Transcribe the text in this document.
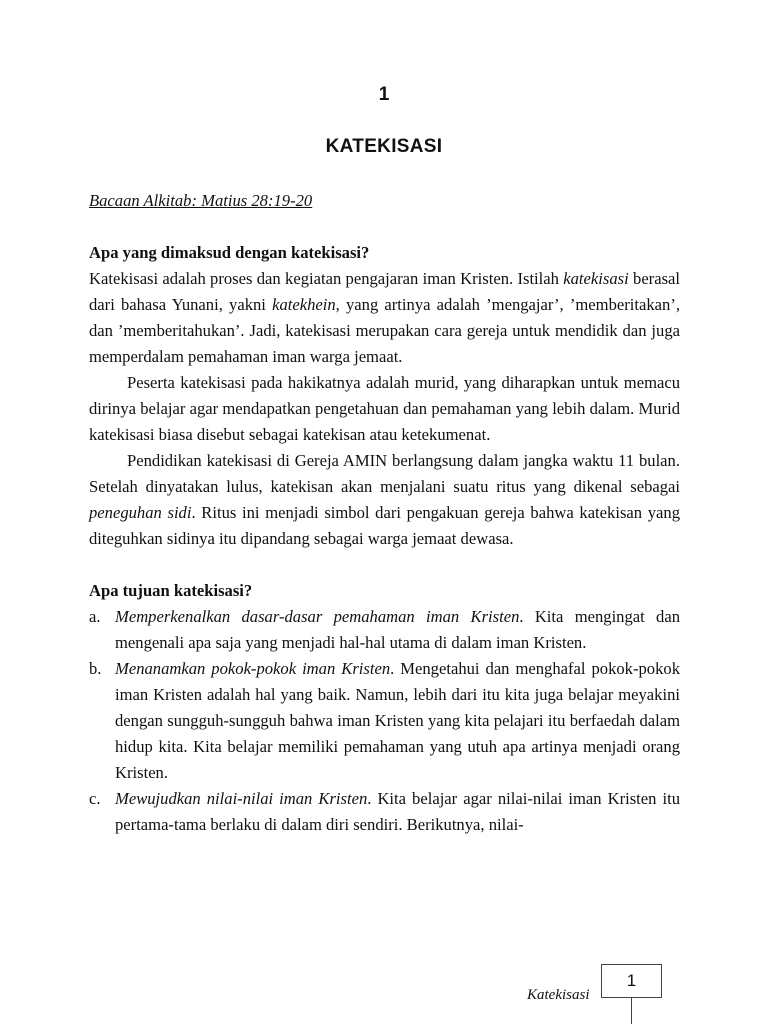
1
KATEKISASI
Bacaan Alkitab: Matius 28:19-20
Apa yang dimaksud dengan katekisasi?

Katekisasi adalah proses dan kegiatan pengajaran iman Kristen. Istilah katekisasi berasal dari bahasa Yunani, yakni katekhein, yang artinya adalah ’mengajar’, ’memberitakan’, dan ’memberitahukan’. Jadi, katekisasi merupakan cara gereja untuk mendidik dan juga memperdalam pemahaman iman warga jemaat.

Peserta katekisasi pada hakikatnya adalah murid, yang diharapkan untuk memacu dirinya belajar agar mendapatkan pengetahuan dan pemahaman yang lebih dalam. Murid katekisasi biasa disebut sebagai katekisan atau ketekumenat.

Pendidikan katekisasi di Gereja AMIN berlangsung dalam jangka waktu 11 bulan. Setelah dinyatakan lulus, katekisan akan menjalani suatu ritus yang dikenal sebagai peneguhan sidi. Ritus ini menjadi simbol dari pengakuan gereja bahwa katekisan yang diteguhkan sidinya itu dipandang sebagai warga jemaat dewasa.

Apa tujuan katekisasi?
a. Memperkenalkan dasar-dasar pemahaman iman Kristen. Kita mengingat dan mengenali apa saja yang menjadi hal-hal utama di dalam iman Kristen.
b. Menanamkan pokok-pokok iman Kristen. Mengetahui dan menghafal pokok-pokok iman Kristen adalah hal yang baik. Namun, lebih dari itu kita juga belajar meyakini dengan sungguh-sungguh bahwa iman Kristen yang kita pelajari itu berfaedah dalam hidup kita. Kita belajar memiliki pemahaman yang utuh apa artinya menjadi orang Kristen.
c. Mewujudkan nilai-nilai iman Kristen. Kita belajar agar nilai-nilai iman Kristen itu pertama-tama berlaku di dalam diri sendiri. Berikutnya, nilai-
Katekisasi
1
